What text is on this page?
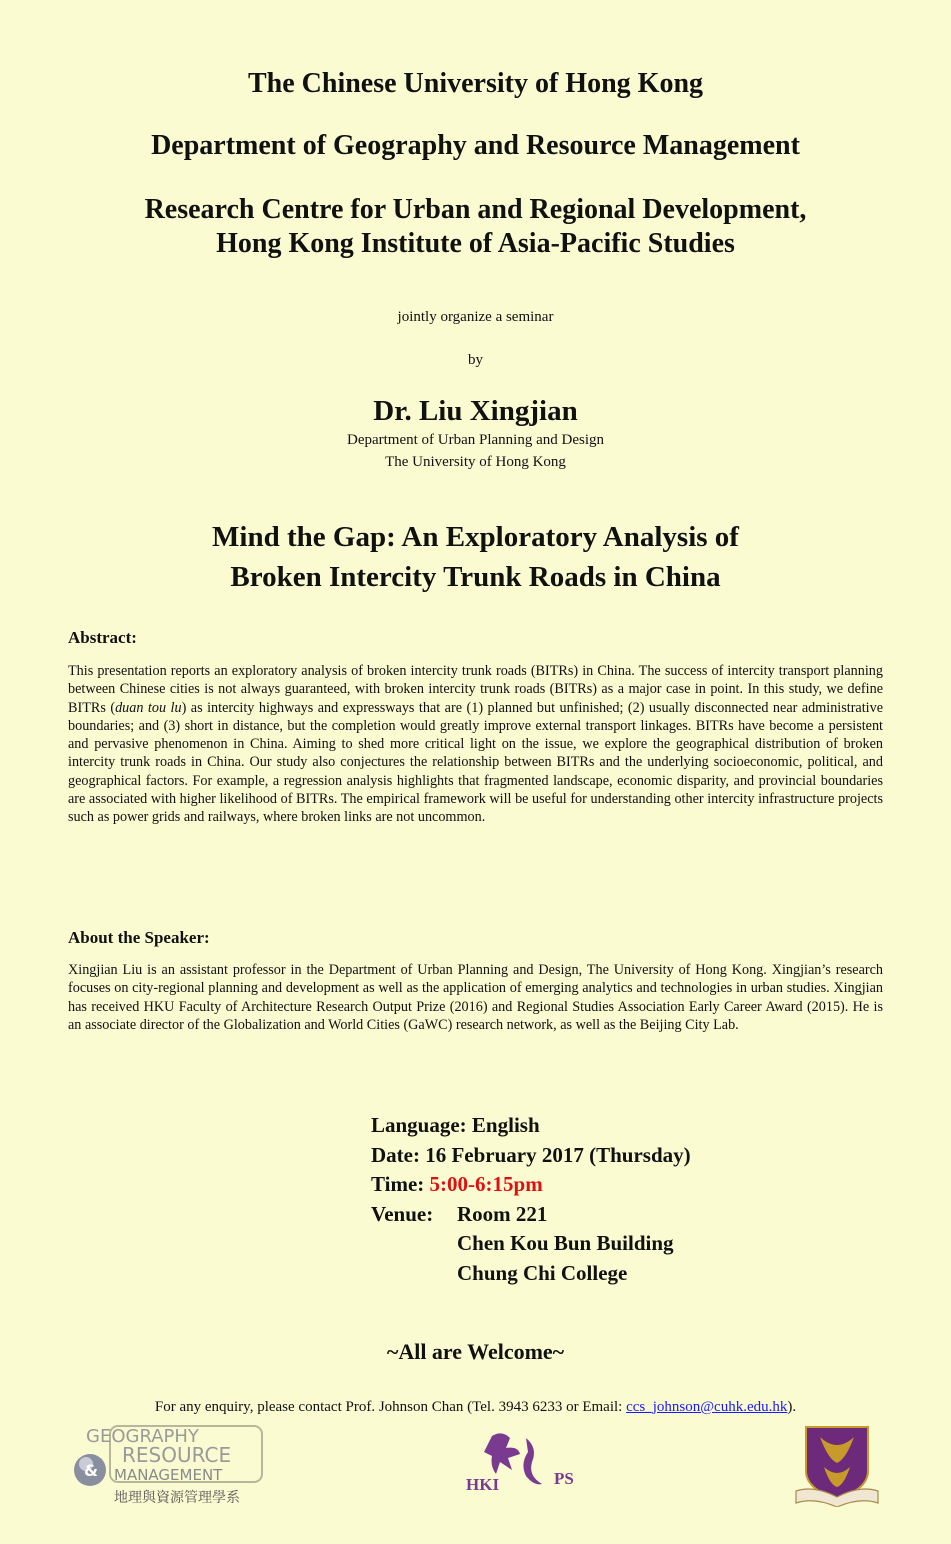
The Chinese University of Hong Kong
Department of Geography and Resource Management
Research Centre for Urban and Regional Development,
Hong Kong Institute of Asia-Pacific Studies
jointly organize a seminar
by
Dr. Liu Xingjian
Department of Urban Planning and Design
The University of Hong Kong
Mind the Gap: An Exploratory Analysis of
Broken Intercity Trunk Roads in China
Abstract:
This presentation reports an exploratory analysis of broken intercity trunk roads (BITRs) in China. The success of intercity transport planning between Chinese cities is not always guaranteed, with broken intercity trunk roads (BITRs) as a major case in point. In this study, we define BITRs (duan tou lu) as intercity highways and expressways that are (1) planned but unfinished; (2) usually disconnected near administrative boundaries; and (3) short in distance, but the completion would greatly improve external transport linkages. BITRs have become a persistent and pervasive phenomenon in China. Aiming to shed more critical light on the issue, we explore the geographical distribution of broken intercity trunk roads in China. Our study also conjectures the relationship between BITRs and the underlying socioeconomic, political, and geographical factors. For example, a regression analysis highlights that fragmented landscape, economic disparity, and provincial boundaries are associated with higher likelihood of BITRs. The empirical framework will be useful for understanding other intercity infrastructure projects such as power grids and railways, where broken links are not uncommon.
About the Speaker:
Xingjian Liu is an assistant professor in the Department of Urban Planning and Design, The University of Hong Kong. Xingjian’s research focuses on city-regional planning and development as well as the application of emerging analytics and technologies in urban studies. Xingjian has received HKU Faculty of Architecture Research Output Prize (2016) and Regional Studies Association Early Career Award (2015). He is an associate director of the Globalization and World Cities (GaWC) research network, as well as the Beijing City Lab.
Language: English
Date: 16 February 2017 (Thursday)
Time: 5:00-6:15pm
Venue:	Room 221
Chen Kou Bun Building
Chung Chi College
~All are Welcome~
For any enquiry, please contact Prof. Johnson Chan (Tel. 3943 6233 or Email: ccs_johnson@cuhk.edu.hk).
&
GEOGRAPHY
RESOURCE
MANAGEMENT
地理與資源管理學系
HKI	PS
